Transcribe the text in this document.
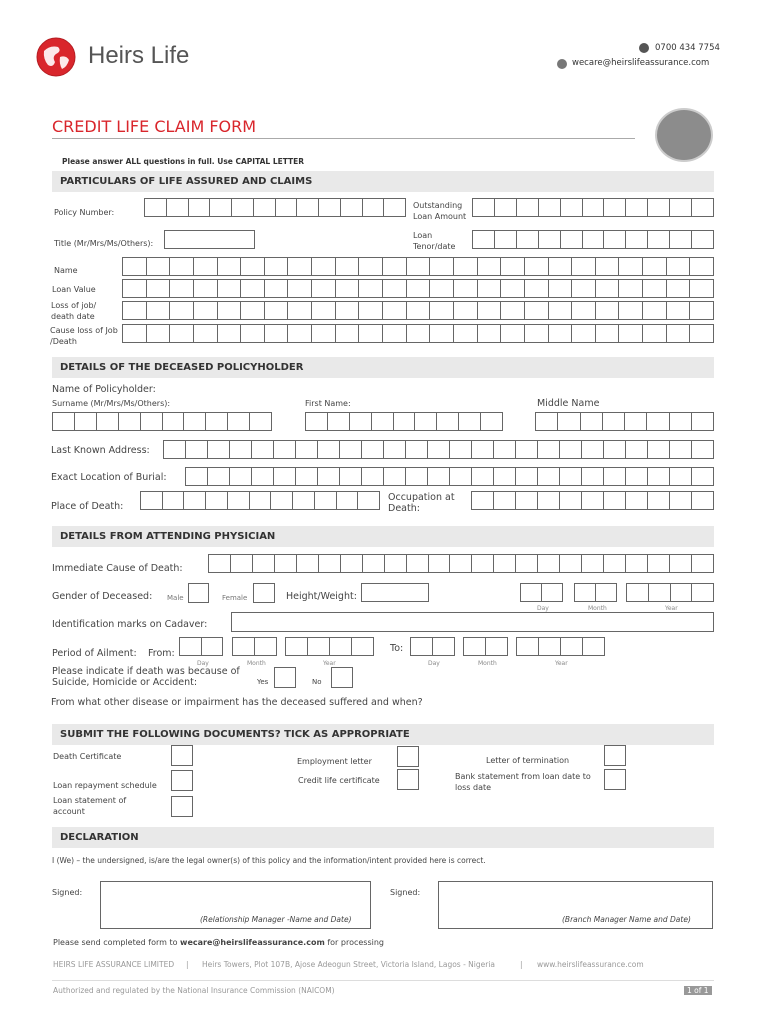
Heirs Life	0700 434 7754
wecare@heirslifeassurance.com
CREDIT LIFE CLAIM FORM
Please answer ALL questions in full. Use CAPITAL LETTER
PARTICULARS OF LIFE ASSURED AND CLAIMS
Policy Number:
Outstanding Loan Amount
Title (Mr/Mrs/Ms/Others):
Loan Tenor/date
Name
Loan Value
Loss of job/ death date
Cause loss of Job /Death
DETAILS OF THE DECEASED POLICYHOLDER
Name of Policyholder:
Surname (Mr/Mrs/Ms/Others):	First Name:	Middle Name
Last Known Address:
Exact Location of Burial:
Place of Death:
Occupation at Death:
DETAILS FROM ATTENDING PHYSICIAN
Immediate Cause of Death:
Gender of Deceased: Male	Female	Height/Weight:
Day	Month	Year
Identification marks on Cadaver:
Period of Ailment: From:
Day	Month	Year
To:
Day	Month	Year
Please indicate if death was because of Suicide, Homicide or Accident:	Yes	No
From what other disease or impairment has the deceased suffered and when?
SUBMIT THE FOLLOWING DOCUMENTS? TICK AS APPROPRIATE
Death Certificate
Employment letter	Letter of termination
Loan repayment schedule
Credit life certificate	Bank statement from loan date to loss date
Loan statement of account
DECLARATION
I (We) – the undersigned, is/are the legal owner(s) of this policy and the information/intent provided here is correct.
Signed:
(Relationship Manager -Name and Date)
Signed:
(Branch Manager Name and Date)
Please send completed form to wecare@heirslifeassurance.com for processing
HEIRS LIFE ASSURANCE LIMITED | Heirs Towers, Plot 107B, Ajose Adeogun Street, Victoria Island, Lagos - Nigeria	| www.heirslifeassurance.com
Authorized and regulated by the National Insurance Commission (NAICOM)	1 of 1
